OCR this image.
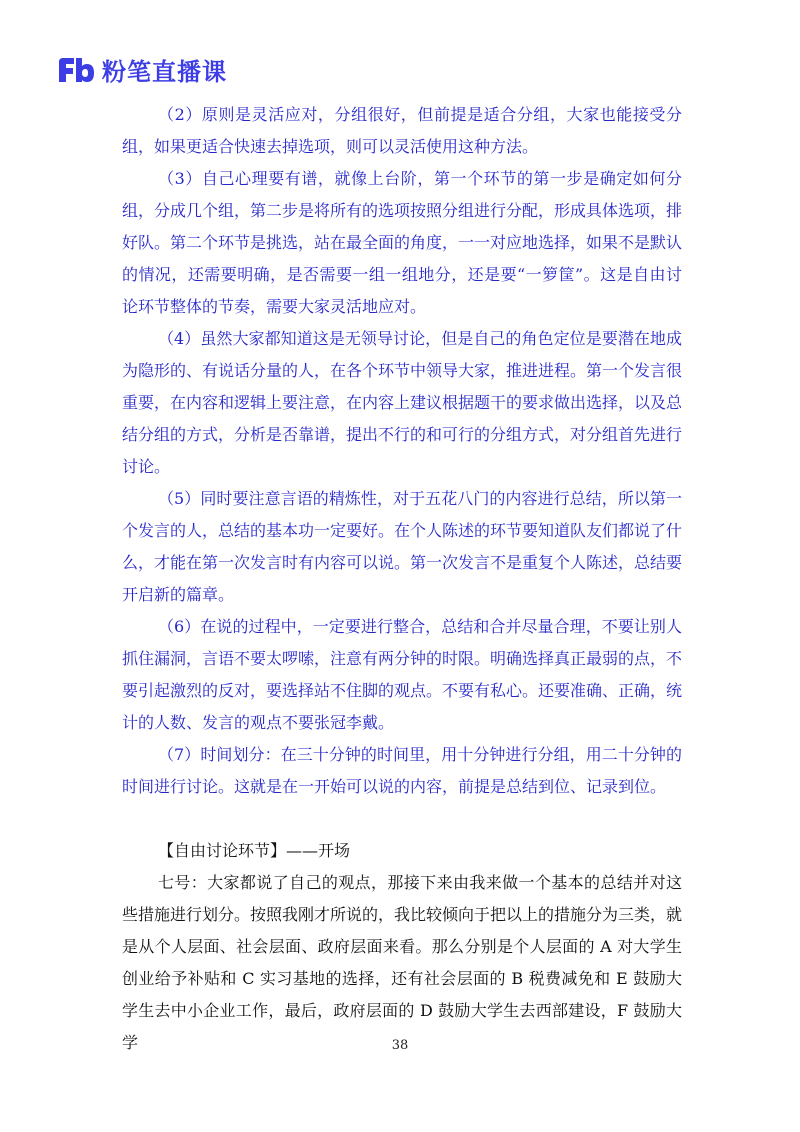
粉笔直播课

（2）原则是灵活应对，分组很好，但前提是适合分组，大家也能接受分组，如果更适合快速去掉选项，则可以灵活使用这种方法。

（3）自己心理要有谱，就像上台阶，第一个环节的第一步是确定如何分组，分成几个组，第二步是将所有的选项按照分组进行分配，形成具体选项，排好队。第二个环节是挑选，站在最全面的角度，一一对应地选择，如果不是默认的情况，还需要明确，是否需要一组一组地分，还是要“一箩筐”。这是自由讨论环节整体的节奏，需要大家灵活地应对。

（4）虽然大家都知道这是无领导讨论，但是自己的角色定位是要潜在地成为隐形的、有说话分量的人，在各个环节中领导大家，推进进程。第一个发言很重要，在内容和逻辑上要注意，在内容上建议根据题干的要求做出选择，以及总结分组的方式，分析是否靠谱，提出不行的和可行的分组方式，对分组首先进行讨论。

（5）同时要注意言语的精炼性，对于五花八门的内容进行总结，所以第一个发言的人，总结的基本功一定要好。在个人陈述的环节要知道队友们都说了什么，才能在第一次发言时有内容可以说。第一次发言不是重复个人陈述，总结要开启新的篇章。

（6）在说的过程中，一定要进行整合，总结和合并尽量合理，不要让别人抓住漏洞，言语不要太啰嗦，注意有两分钟的时限。明确选择真正最弱的点，不要引起激烈的反对，要选择站不住脚的观点。不要有私心。还要准确、正确，统计的人数、发言的观点不要张冠李戴。

（7）时间划分：在三十分钟的时间里，用十分钟进行分组，用二十分钟的时间进行讨论。这就是在一开始可以说的内容，前提是总结到位、记录到位。

【自由讨论环节】——开场

七号：大家都说了自己的观点，那接下来由我来做一个基本的总结并对这些措施进行划分。按照我刚才所说的，我比较倾向于把以上的措施分为三类，就是从个人层面、社会层面、政府层面来看。那么分别是个人层面的 A 对大学生创业给予补贴和 C 实习基地的选择，还有社会层面的 B 税费减免和 E 鼓励大学生去中小企业工作，最后，政府层面的 D 鼓励大学生去西部建设，F 鼓励大学	38
